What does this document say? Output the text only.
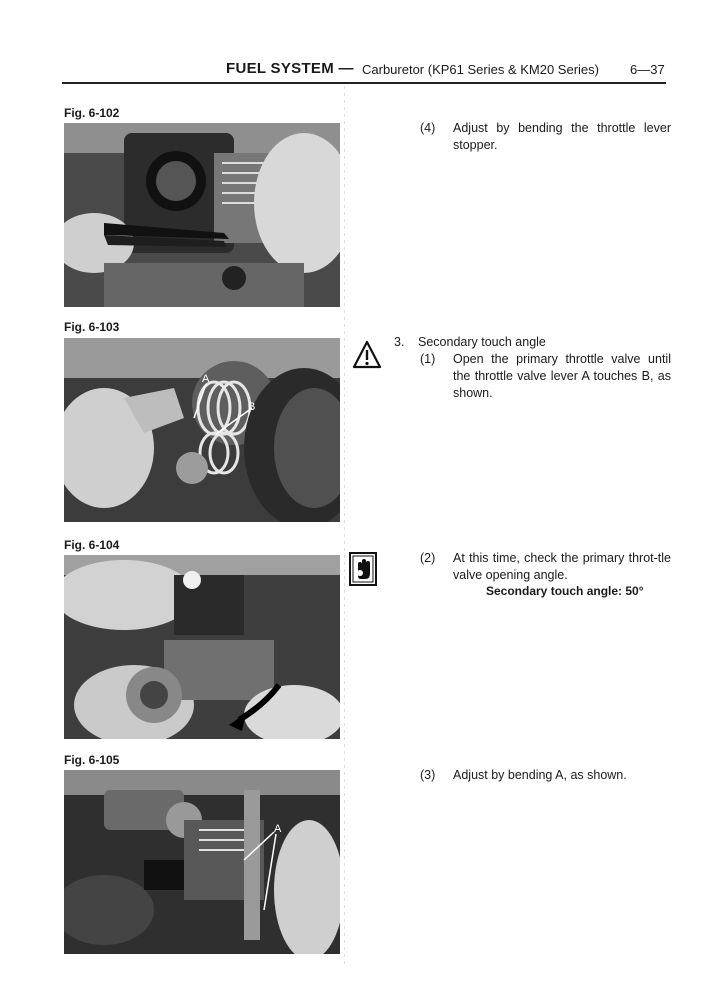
FUEL SYSTEM — Carburetor (KP61 Series & KM20 Series) 6—37
Fig. 6-102
Fig. 6-103
A
B
Fig. 6-104
Fig. 6-105
A
(4) Adjust by bending the throttle lever stopper.
3. Secondary touch angle
(1) Open the primary throttle valve until the throttle valve lever A touches B, as shown.
(2) At this time, check the primary throt-tle valve opening angle.
Secondary touch angle: 50°
(3) Adjust by bending A, as shown.
